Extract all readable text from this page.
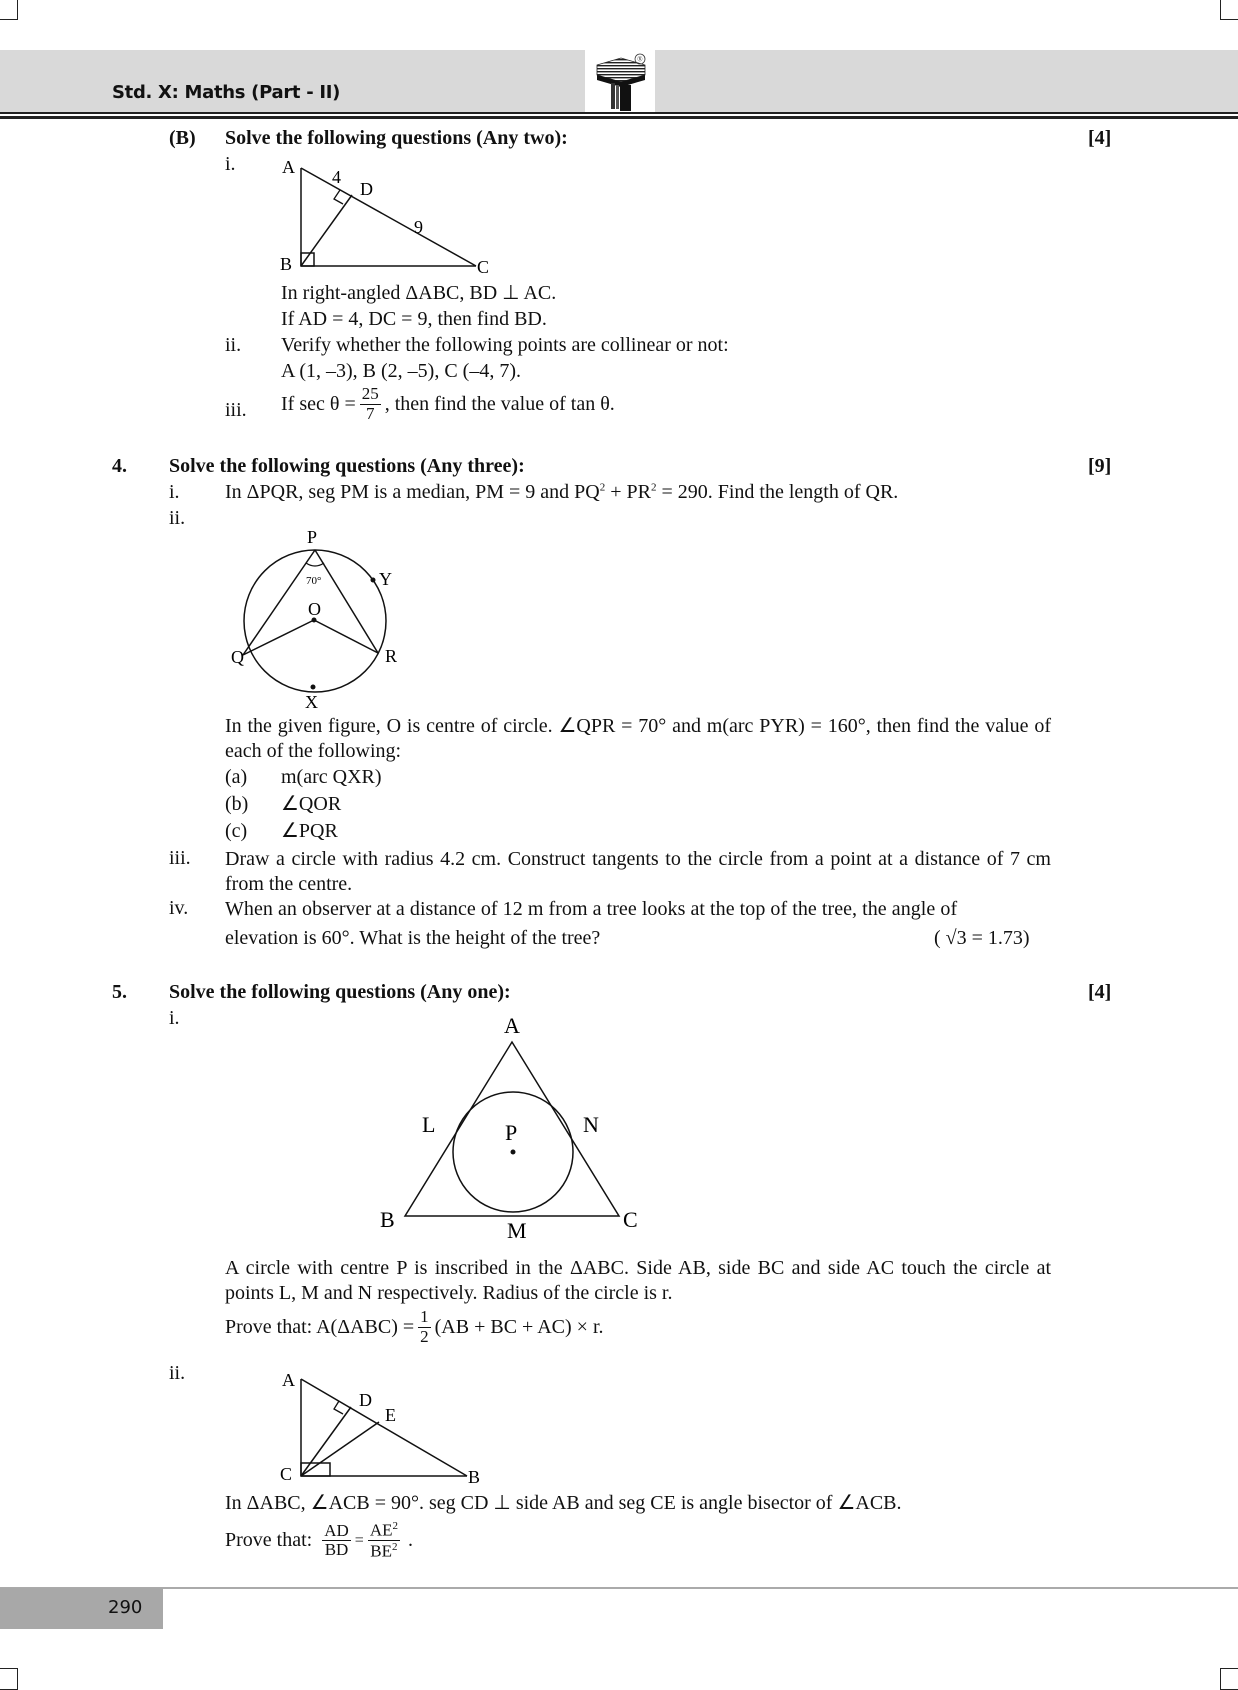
Std. X: Maths (Part - II)
®
(B) Solve the following questions (Any two):	[4]
i.	A
B	C
D
4
9
In right-angled ΔABC, BD ⊥ AC.
If AD = 4, DC = 9, then find BD.
ii. Verify whether the following points are collinear or not:
A (1, –3), B (2, –5), C (–4, 7).
iii. If $\sec \theta = \frac{25}{7}$ , then find the value of tan θ.
4. Solve the following questions (Any three):	[9]
i. In ΔPQR, seg PM is a median, PM = 9 and $PQ^2 + PR^2 = 290$. Find the length of QR.
ii.
P
Y
O
Q	R
X
70°
In the given figure, O is centre of circle. ∠QPR = 70° and m(arc PYR) = 160°, then find the value of each of the following:
(a) m(arc QXR)
(b) ∠QOR
(c) ∠PQR
iii. Draw a circle with radius 4.2 cm. Construct tangents to the circle from a point at a distance of 7 cm from the centre.
iv. When an observer at a distance of 12 m from a tree looks at the top of the tree, the angle of
elevation is 60°. What is the height of the tree?	( √3 = 1.73)
5. Solve the following questions (Any one):	[4]
i.	A
L	N
P
B	M	C
A circle with centre P is inscribed in the ΔABC. Side AB, side BC and side AC touch the circle at points L, M and N respectively. Radius of the circle is r.
Prove that: $A(\Delta ABC) = \frac{1}{2} (AB$ + BC + AC) × r.
ii.	A
D
E
C	B
In ΔABC, ∠ACB = 90°. seg CD ⊥ side AB and seg CE is angle bisector of ∠ACB.
Prove that: $\frac{AD}{BD} = \frac{AE^2}{BE^2}$ .
290
